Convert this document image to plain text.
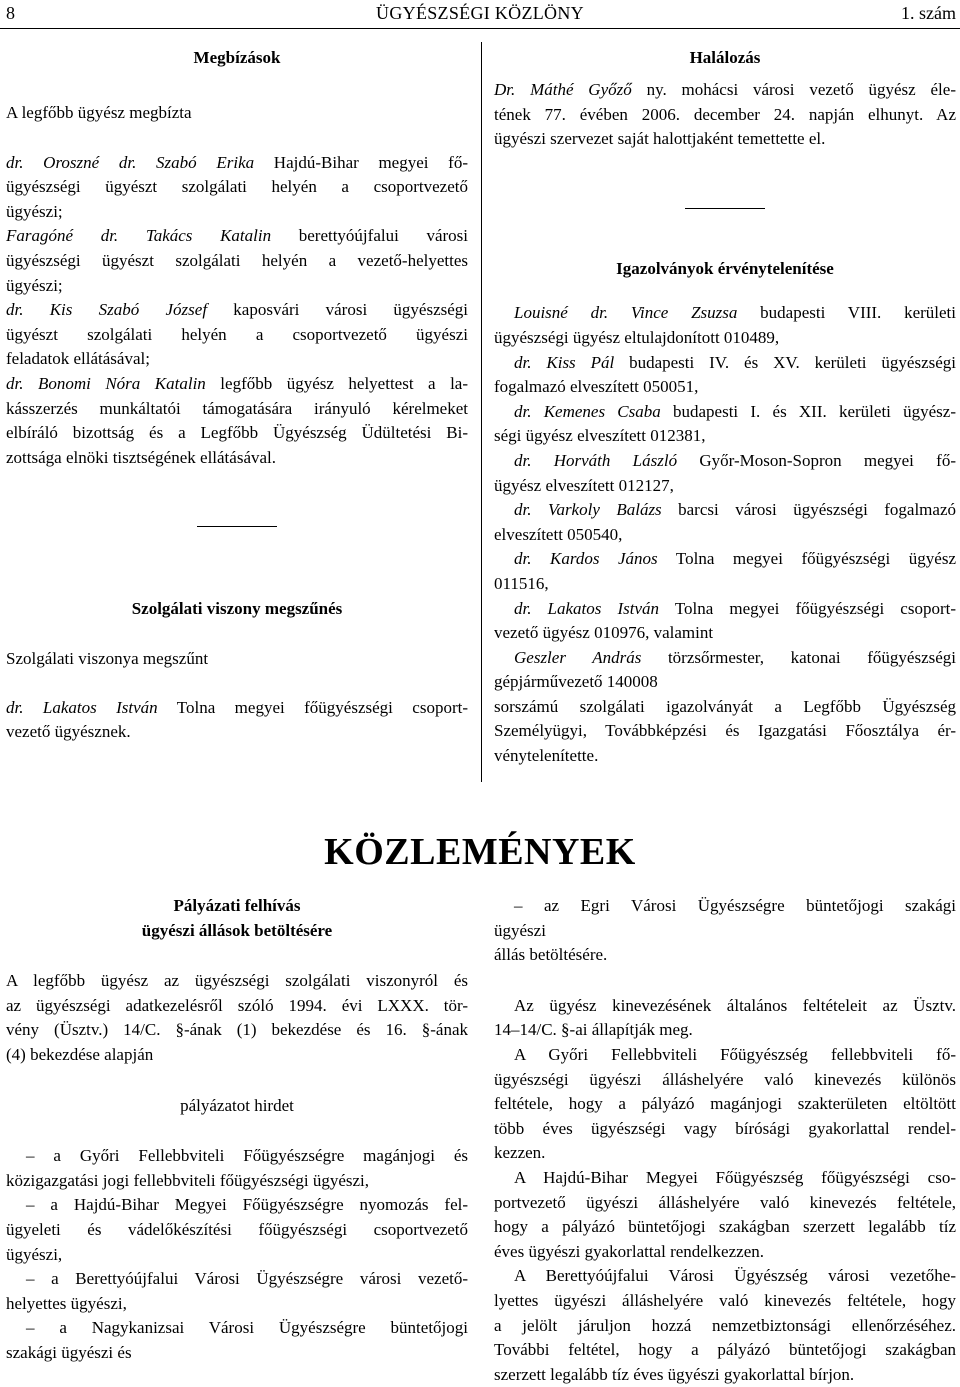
8	ÜGYÉSZSÉGI KÖZLÖNY	1. szám

Megbízások

A legfőbb ügyész megbízta

dr. Oroszné dr. Szabó Erika Hajdú-Bihar megyei fő-

ügyészségi ügyészt szolgálati helyén a csoportvezető

ügyészi;

Faragóné dr. Takács Katalin berettyóújfalui városi

ügyészségi ügyészt szolgálati helyén a vezető-helyettes

ügyészi;

dr. Kis Szabó József kaposvári városi ügyészségi

ügyészt szolgálati helyén a csoportvezető ügyészi

feladatok ellátásával;

dr. Bonomi Nóra Katalin legfőbb ügyész helyettest a la-

kásszerzés munkáltatói támogatására irányuló kérelmeket

elbíráló bizottság és a Legfőbb Ügyészség Üdültetési Bi-

zottsága elnöki tisztségének ellátásával.

Szolgálati viszony megszűnés

Szolgálati viszonya megszűnt

dr. Lakatos István Tolna megyei főügyészségi csoport-

vezető ügyésznek.

Halálozás

Dr. Máthé Győző ny. mohácsi városi vezető ügyész éle-

tének 77. évében 2006. december 24. napján elhunyt. Az

ügyészi szervezet saját halottjaként temettette el.

Igazolványok érvénytelenítése

Louisné dr. Vince Zsuzsa budapesti VIII. kerületi

ügyészségi ügyész eltulajdonított 010489,

dr. Kiss Pál budapesti IV. és XV. kerületi ügyészségi

fogalmazó elveszített 050051,

dr. Kemenes Csaba budapesti I. és XII. kerületi ügyész-

ségi ügyész elveszített 012381,

dr. Horváth László Győr-Moson-Sopron megyei fő-

ügyész elveszített 012127,

dr. Varkoly Balázs barcsi városi ügyészségi fogalmazó

elveszített 050540,

dr. Kardos János Tolna megyei főügyészségi ügyész

011516,

dr. Lakatos István Tolna megyei főügyészségi csoport-

vezető ügyész 010976, valamint

Geszler András törzsőrmester, katonai főügyészségi

gépjárművezető 140008

sorszámú szolgálati igazolványát a Legfőbb Ügyészség

Személyügyi, Továbbképzési és Igazgatási Főosztálya ér-

vénytelenítette.

KÖZLEMÉNYEK

Pályázati felhívás

ügyészi állások betöltésére

A legfőbb ügyész az ügyészségi szolgálati viszonyról és

az ügyészségi adatkezelésről szóló 1994. évi LXXX. tör-

vény (Üsztv.) 14/C. §-ának (1) bekezdése és 16. §-ának

(4) bekezdése alapján

pályázatot hirdet

– a Győri Fellebbviteli Főügyészségre magánjogi és

közigazgatási jogi fellebbviteli főügyészségi ügyészi,

– a Hajdú-Bihar Megyei Főügyészségre nyomozás fel-

ügyeleti és vádelőkészítési főügyészségi csoportvezető

ügyészi,

– a Berettyóújfalui Városi Ügyészségre városi vezető-

helyettes ügyészi,

– a Nagykanizsai Városi Ügyészségre büntetőjogi

szakági ügyészi és

– az Egri Városi Ügyészségre büntetőjogi szakági

ügyészi

állás betöltésére.

Az ügyész kinevezésének általános feltételeit az Üsztv.

14–14/C. §-ai állapítják meg.

A Győri Fellebbviteli Főügyészség fellebbviteli fő-

ügyészségi ügyészi álláshelyére való kinevezés különös

feltétele, hogy a pályázó magánjogi szakterületen eltöltött

több éves ügyészségi vagy bírósági gyakorlattal rendel-

kezzen.

A Hajdú-Bihar Megyei Főügyészség főügyészségi cso-

portvezető ügyészi álláshelyére való kinevezés feltétele,

hogy a pályázó büntetőjogi szakágban szerzett legalább tíz

éves ügyészi gyakorlattal rendelkezzen.

A Berettyóújfalui Városi Ügyészség városi vezetőhe-

lyettes ügyészi álláshelyére való kinevezés feltétele, hogy

a jelölt járuljon hozzá nemzetbiztonsági ellenőrzéséhez.

További feltétel, hogy a pályázó büntetőjogi szakágban

szerzett legalább tíz éves ügyészi gyakorlattal bírjon.
